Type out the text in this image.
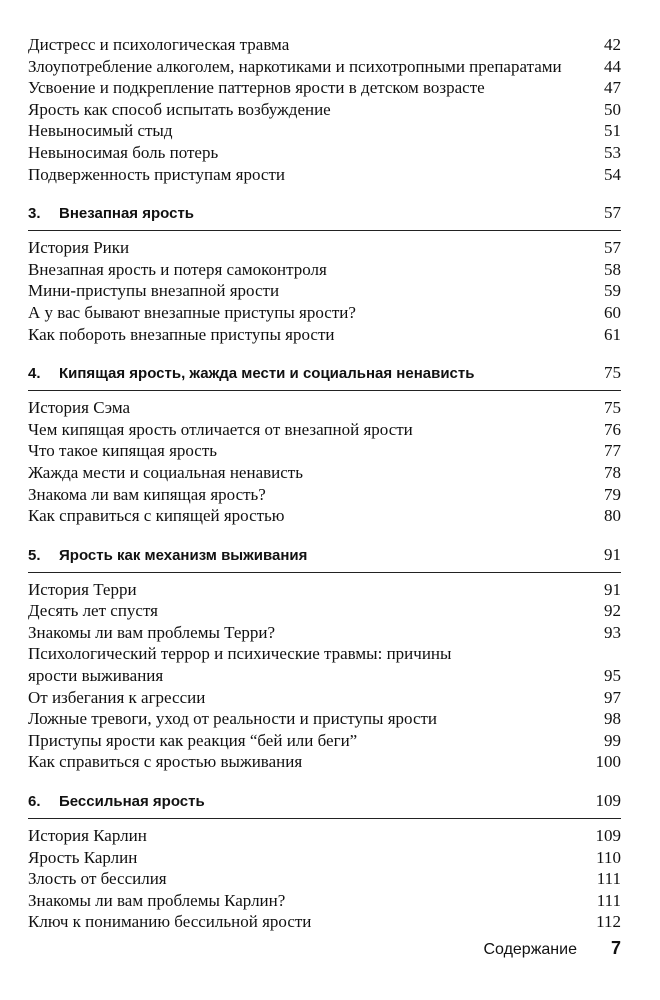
Дистресс и психологическая травма	42
Злоупотребление алкоголем, наркотиками и психотропными препаратами	44
Усвоение и подкрепление паттернов ярости в детском возрасте	47
Ярость как способ испытать возбуждение	50
Невыносимый стыд	51
Невыносимая боль потерь	53
Подверженность приступам ярости	54
3. Внезапная ярость	57
История Рики	57
Внезапная ярость и потеря самоконтроля	58
Мини-приступы внезапной ярости	59
А у вас бывают внезапные приступы ярости?	60
Как побороть внезапные приступы ярости	61
4. Кипящая ярость, жажда мести и социальная ненависть	75
История Сэма	75
Чем кипящая ярость отличается от внезапной ярости	76
Что такое кипящая ярость	77
Жажда мести и социальная ненависть	78
Знакома ли вам кипящая ярость?	79
Как справиться с кипящей яростью	80
5. Ярость как механизм выживания	91
История Терри	91
Десять лет спустя	92
Знакомы ли вам проблемы Терри?	93
Психологический террор и психические травмы: причины
ярости выживания	95
От избегания к агрессии	97
Ложные тревоги, уход от реальности и приступы ярости	98
Приступы ярости как реакция “бей или беги”	99
Как справиться с яростью выживания	100
6. Бессильная ярость	109
История Карлин	109
Ярость Карлин	110
Злость от бессилия	111
Знакомы ли вам проблемы Карлин?	111
Ключ к пониманию бессильной ярости	112
Содержание 7
